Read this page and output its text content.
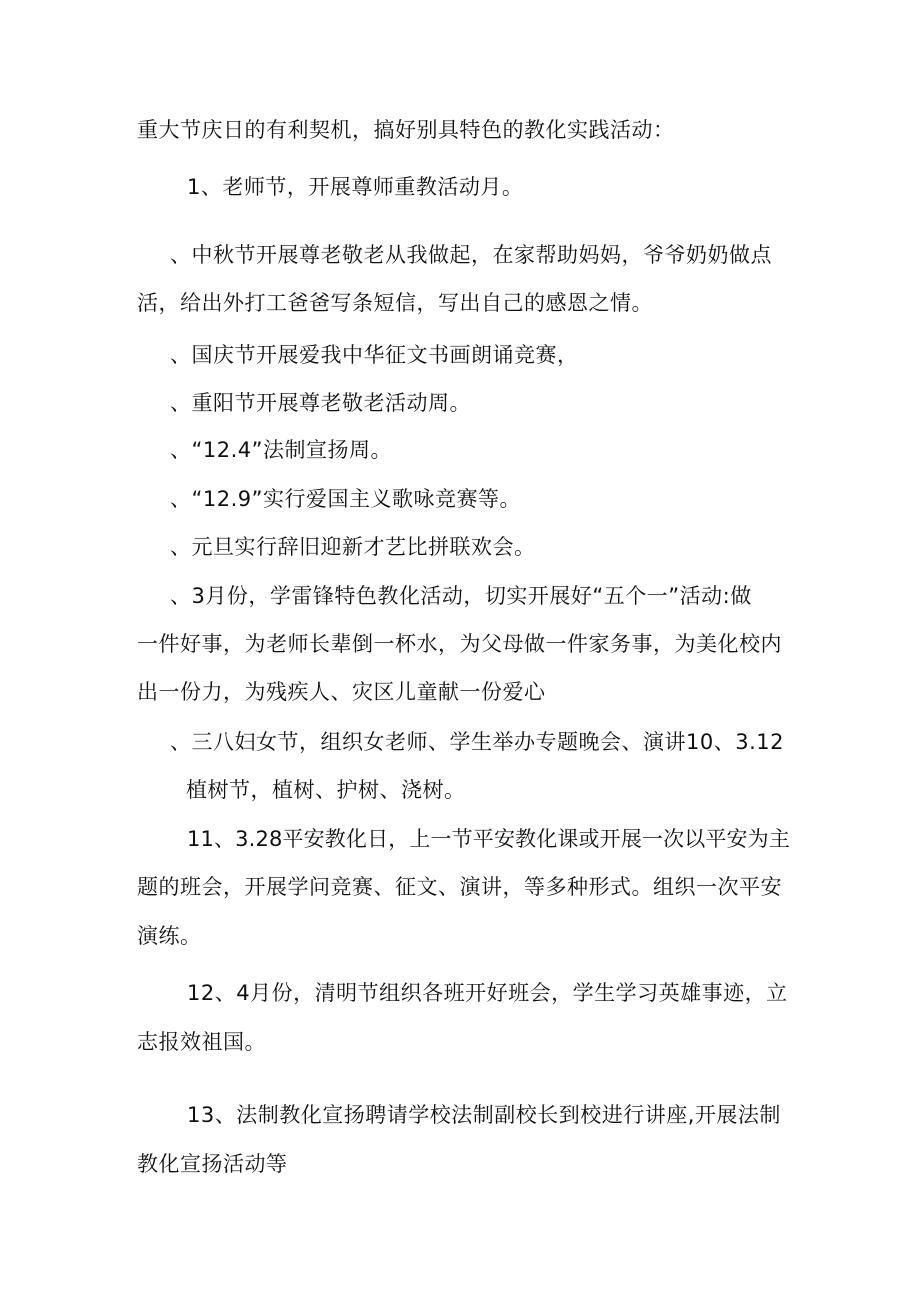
重大节庆日的有利契机，搞好别具特色的教化实践活动：
1、老师节，开展尊师重教活动月。
、中秋节开展尊老敬老从我做起，在家帮助妈妈，爷爷奶奶做点
活，给出外打工爸爸写条短信，写出自己的感恩之情。
、国庆节开展爱我中华征文书画朗诵竞赛，
、重阳节开展尊老敬老活动周。
、“12.4”法制宣扬周。
、“12.9”实行爱国主义歌咏竞赛等。
、元旦实行辞旧迎新才艺比拼联欢会。
、3月份，学雷锋特色教化活动，切实开展好“五个一”活动:做
一件好事，为老师长辈倒一杯水，为父母做一件家务事，为美化校内
出一份力，为残疾人、灾区儿童献一份爱心
、三八妇女节，组织女老师、学生举办专题晚会、演讲10、3.12
植树节，植树、护树、浇树。
11、3.28平安教化日，上一节平安教化课或开展一次以平安为主
题的班会，开展学问竞赛、征文、演讲，等多种形式。组织一次平安
演练。
12、4月份，清明节组织各班开好班会，学生学习英雄事迹，立
志报效祖国。
13、法制教化宣扬聘请学校法制副校长到校进行讲座,开展法制
教化宣扬活动等
